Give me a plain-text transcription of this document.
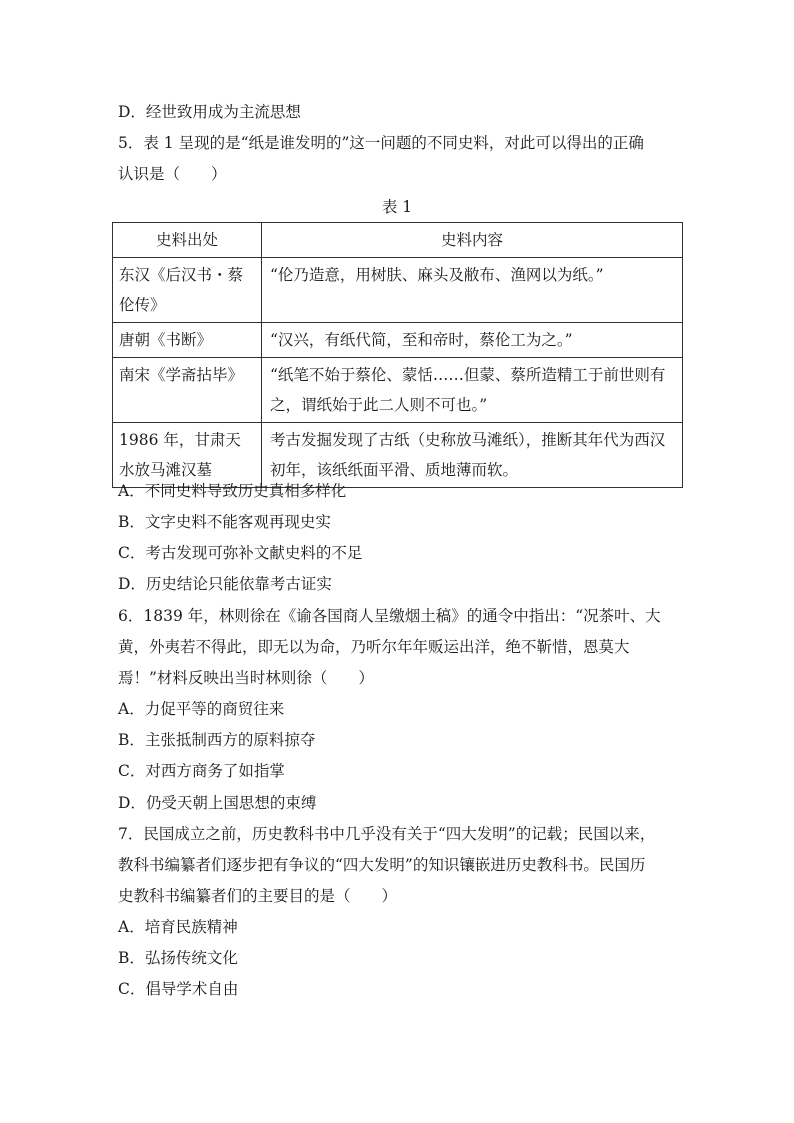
D．经世致用成为主流思想
5．表 1 呈现的是“纸是谁发明的”这一问题的不同史料，对此可以得出的正确
认识是（　　）
表 1
史料出处	史料内容
东汉《后汉书・蔡伦传》	“伦乃造意，用树肤、麻头及敝布、渔网以为纸。”
唐朝《书断》	“汉兴，有纸代简，至和帝时，蔡伦工为之。”
南宋《学斋拈毕》	“纸笔不始于蔡伦、蒙恬……但蒙、蔡所造精工于前世则有之，谓纸始于此二人则不可也。”
1986 年，甘肃天水放马滩汉墓	考古发掘发现了古纸（史称放马滩纸），推断其年代为西汉初年，该纸纸面平滑、质地薄而软。
A．不同史料导致历史真相多样化
B．文字史料不能客观再现史实
C．考古发现可弥补文献史料的不足
D．历史结论只能依靠考古证实
6．1839 年，林则徐在《谕各国商人呈缴烟土稿》的通令中指出：“况茶叶、大
黄，外夷若不得此，即无以为命，乃听尔年年贩运出洋，绝不靳惜，恩莫大
焉！”材料反映出当时林则徐（　　）
A．力促平等的商贸往来
B．主张抵制西方的原料掠夺
C．对西方商务了如指掌
D．仍受天朝上国思想的束缚
7．民国成立之前，历史教科书中几乎没有关于“四大发明”的记载；民国以来，
教科书编纂者们逐步把有争议的“四大发明”的知识镶嵌进历史教科书。民国历
史教科书编纂者们的主要目的是（　　）
A．培育民族精神
B．弘扬传统文化
C．倡导学术自由
